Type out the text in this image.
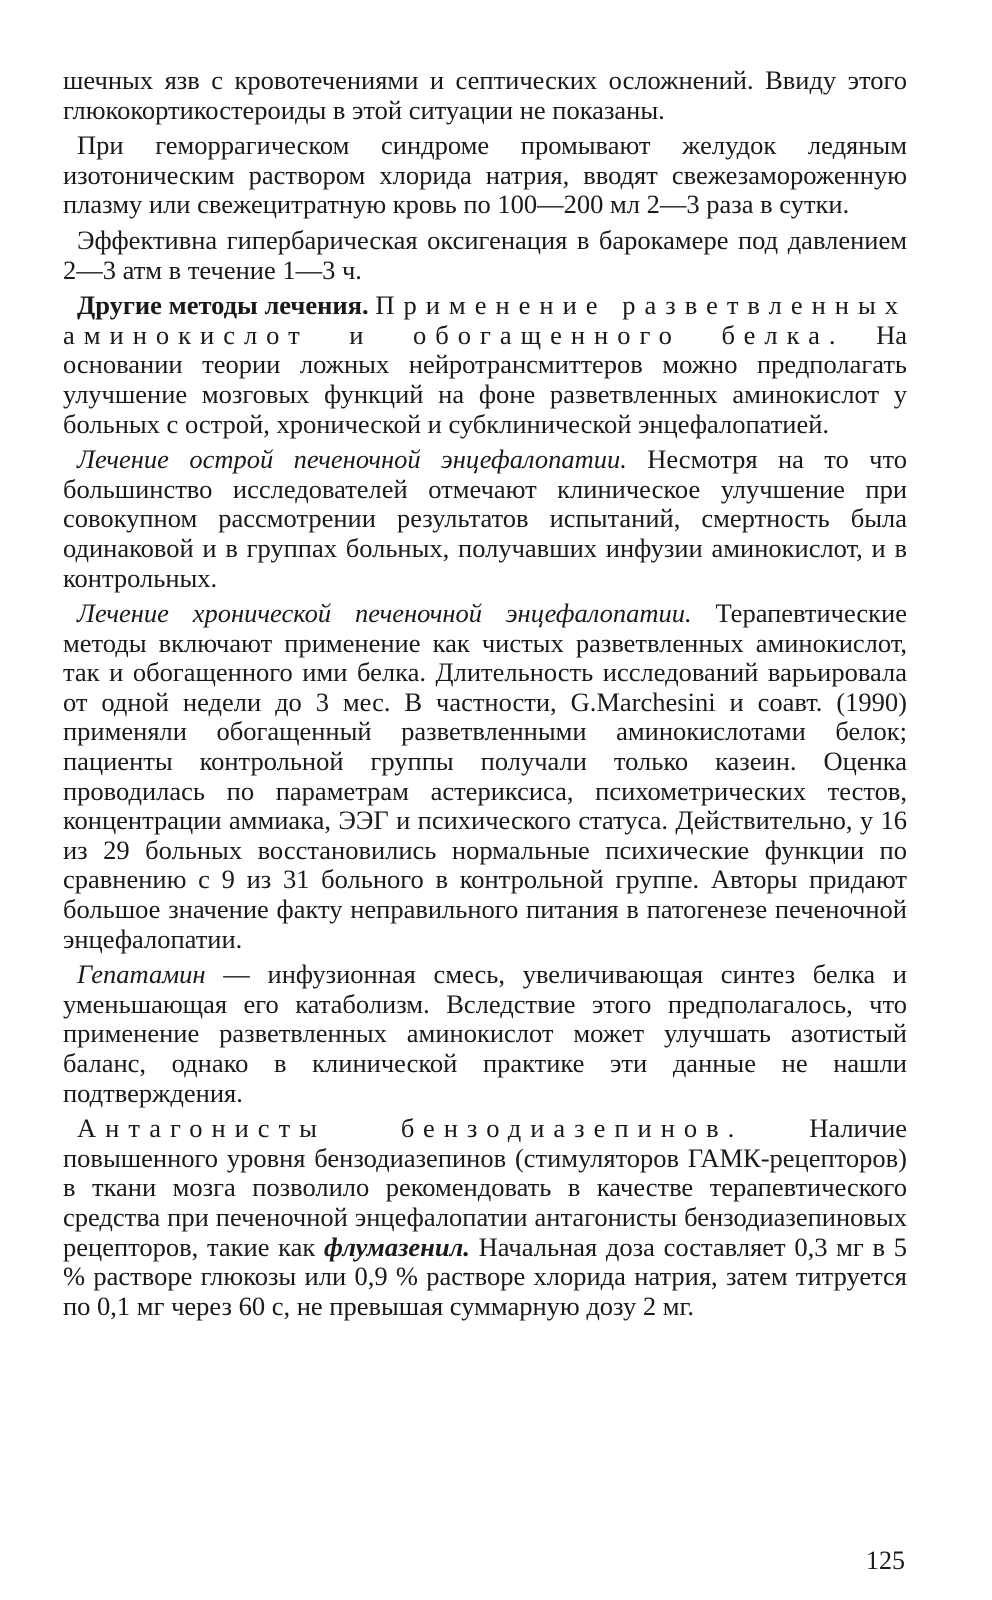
шечных язв с кровотечениями и септических осложнений. Ввиду этого глюкокортикостероиды в этой ситуации не показаны.

При геморрагическом синдроме промывают желудок ледяным изотоническим раствором хлорида натрия, вводят свежезамороженную плазму или свежецитратную кровь по 100—200 мл 2—3 раза в сутки.

Эффективна гипербарическая оксигенация в барокамере под давлением 2—3 атм в течение 1—3 ч.

Другие методы лечения. Применение разветвленных аминокислот и обогащенного белка. На основании теории ложных нейротрансмиттеров можно предполагать улучшение мозговых функций на фоне разветвленных аминокислот у больных с острой, хронической и субклинической энцефалопатией.

Лечение острой печеночной энцефалопатии. Несмотря на то что большинство исследователей отмечают клиническое улучшение при совокупном рассмотрении результатов испытаний, смертность была одинаковой и в группах больных, получавших инфузии аминокислот, и в контрольных.

Лечение хронической печеночной энцефалопатии. Терапевтические методы включают применение как чистых разветвленных аминокислот, так и обогащенного ими белка. Длительность исследований варьировала от одной недели до 3 мес. В частности, G.Marchesini и соавт. (1990) применяли обогащенный разветвленными аминокислотами белок; пациенты контрольной группы получали только казеин. Оценка проводилась по параметрам астериксиса, психометрических тестов, концентрации аммиака, ЭЭГ и психического статуса. Действительно, у 16 из 29 больных восстановились нормальные психические функции по сравнению с 9 из 31 больного в контрольной группе. Авторы придают большое значение факту неправильного питания в патогенезе печеночной энцефалопатии.

Гепатамин — инфузионная смесь, увеличивающая синтез белка и уменьшающая его катаболизм. Вследствие этого предполагалось, что применение разветвленных аминокислот может улучшать азотистый баланс, однако в клинической практике эти данные не нашли подтверждения.

Антагонисты бензодиазепинов. Наличие повышенного уровня бензодиазепинов (стимуляторов ГАМК-рецепторов) в ткани мозга позволило рекомендовать в качестве терапевтического средства при печеночной энцефалопатии антагонисты бензодиазепиновых рецепторов, такие как флумазенил. Начальная доза составляет 0,3 мг в 5 % растворе глюкозы или 0,9 % растворе хлорида натрия, затем титруется по 0,1 мг через 60 с, не превышая суммарную дозу 2 мг.

125
